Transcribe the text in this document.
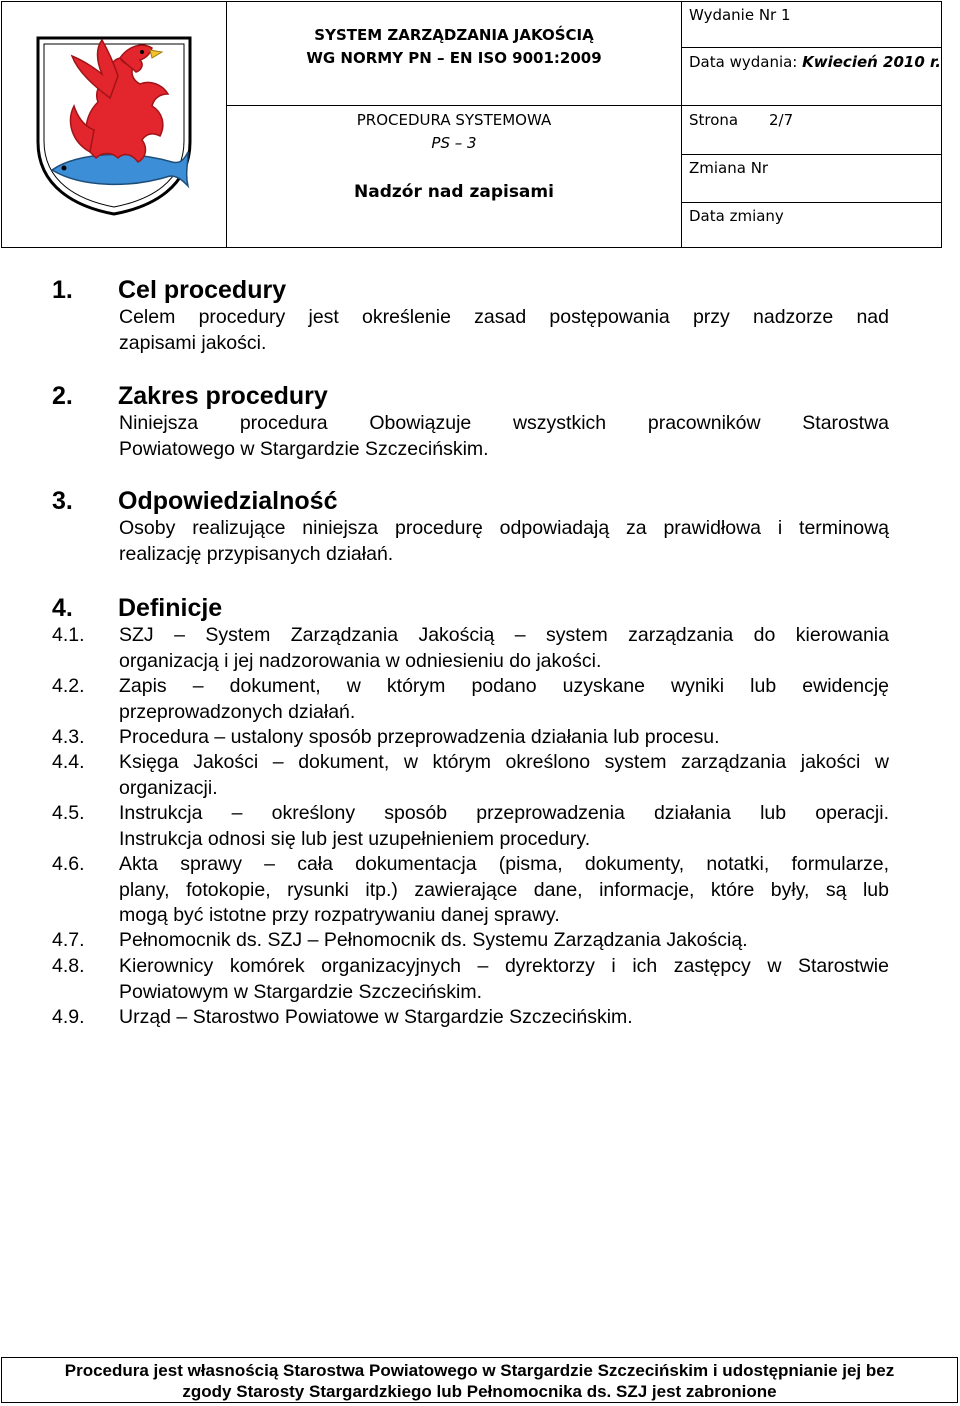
SYSTEM ZARZĄDZANIA JAKOŚCIĄ
WG NORMY PN – EN ISO 9001:2009
PROCEDURA SYSTEMOWA
PS – 3
Nadzór nad zapisami
Wydanie Nr 1
Data wydania: Kwiecień 2010 r.
Strona 2/7
Zmiana Nr
Data zmiany
1. Cel procedury
Celem procedury jest określenie zasad postępowania przy nadzorze nad
zapisami jakości.
2. Zakres procedury
Niniejsza procedura Obowiązuje wszystkich pracowników Starostwa
Powiatowego w Stargardzie Szczecińskim.
3. Odpowiedzialność
Osoby realizujące niniejsza procedurę odpowiadają za prawidłowa i terminową
realizację przypisanych działań.
4. Definicje
4.1. SZJ – System Zarządzania Jakością – system zarządzania do kierowania
organizacją i jej nadzorowania w odniesieniu do jakości.
4.2. Zapis – dokument, w którym podano uzyskane wyniki lub ewidencję
przeprowadzonych działań.
4.3. Procedura – ustalony sposób przeprowadzenia działania lub procesu.
4.4. Księga Jakości – dokument, w którym określono system zarządzania jakości w
organizacji.
4.5. Instrukcja – określony sposób przeprowadzenia działania lub operacji.
Instrukcja odnosi się lub jest uzupełnieniem procedury.
4.6. Akta sprawy – cała dokumentacja (pisma, dokumenty, notatki, formularze,
plany, fotokopie, rysunki itp.) zawierające dane, informacje, które były, są lub
mogą być istotne przy rozpatrywaniu danej sprawy.
4.7. Pełnomocnik ds. SZJ – Pełnomocnik ds. Systemu Zarządzania Jakością.
4.8. Kierownicy komórek organizacyjnych – dyrektorzy i ich zastępcy w Starostwie
Powiatowym w Stargardzie Szczecińskim.
4.9. Urząd – Starostwo Powiatowe w Stargardzie Szczecińskim.
Procedura jest własnością Starostwa Powiatowego w Stargardzie Szczecińskim i udostępnianie jej bez
zgody Starosty Stargardzkiego lub Pełnomocnika ds. SZJ jest zabronione
